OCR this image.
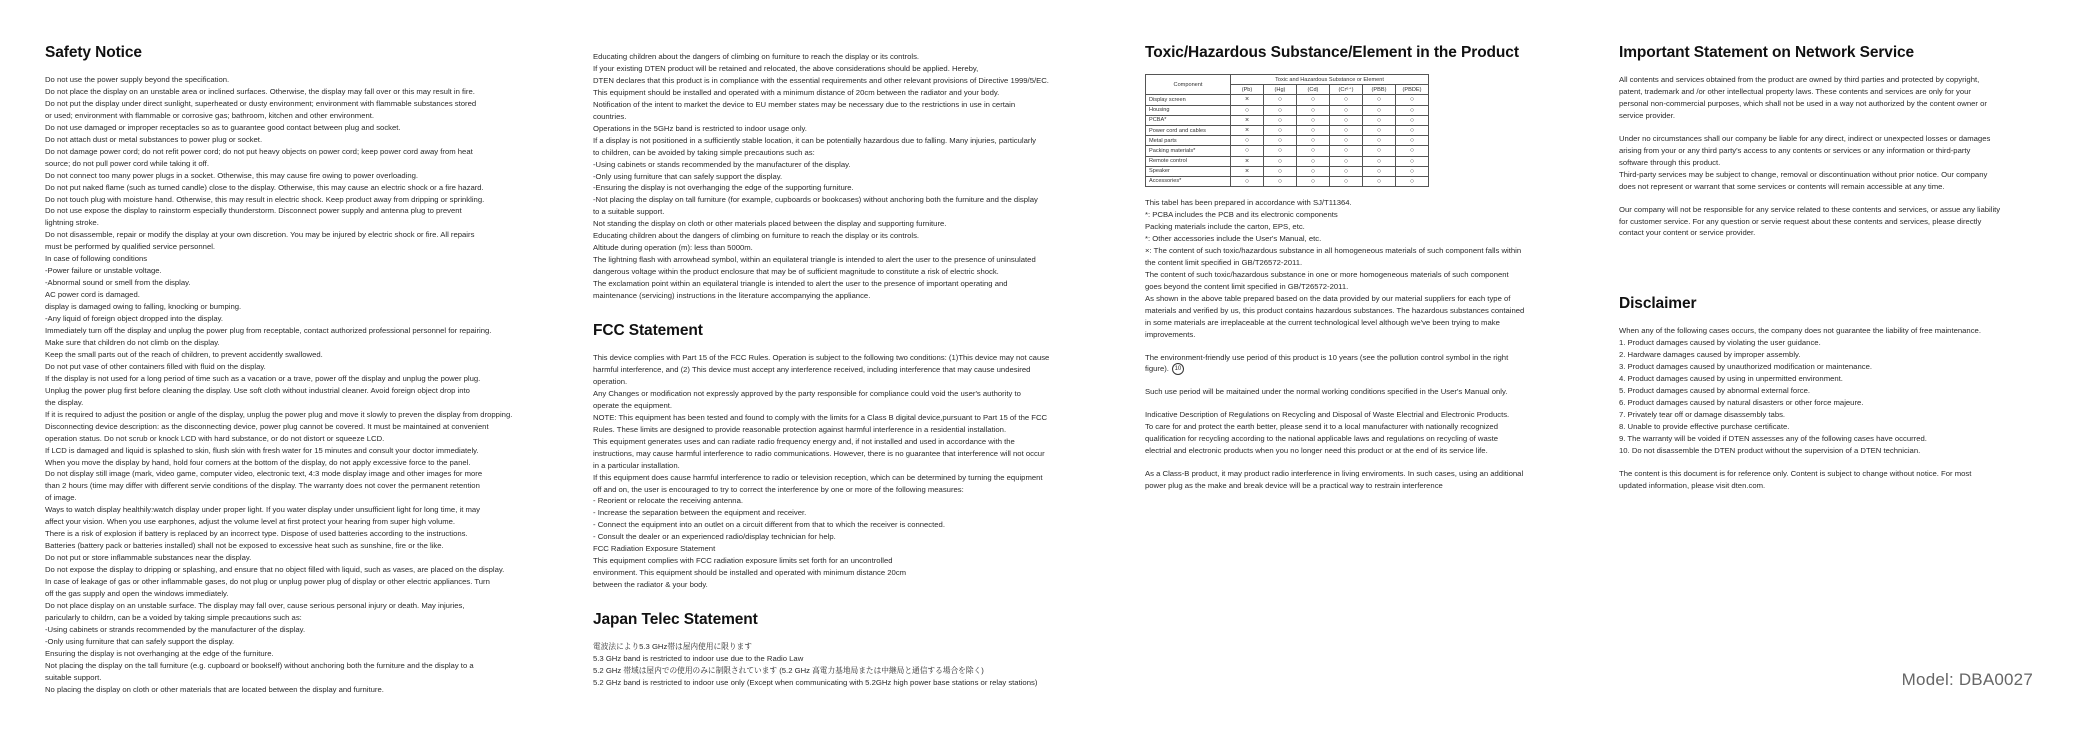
Safety Notice
Do not use the power supply beyond the specification.
Do not place the display on an unstable area or inclined surfaces. Otherwise, the display may fall over or this may result in fire.
Do not put the display under direct sunlight, superheated or dusty environment; environment with flammable substances stored
or used; environment with flammable or corrosive gas; bathroom, kitchen and other environment.
Do not use damaged or improper receptacles so as to guarantee good contact between plug and socket.
Do not attach dust or metal substances to power plug or socket.
Do not damage power cord; do not refit power cord; do not put heavy objects on power cord; keep power cord away from heat
source; do not pull power cord while taking it off.
Do not connect too many power plugs in a socket. Otherwise, this may cause fire owing to power overloading.
Do not put naked flame (such as turned candle) close to the display. Otherwise, this may cause an electric shock or a fire hazard.
Do not touch plug with moisture hand. Otherwise, this may result in electric shock. Keep product away from dripping or sprinkling.
Do not use expose the display to rainstorm especially thunderstorm. Disconnect power supply and antenna plug to prevent
lightning stroke.
Do not disassemble, repair or modify the display at your own discretion. You may be injured by electric shock or fire. All repairs
must be performed by qualified service personnel.
In case of following conditions
-Power failure or unstable voltage.
-Abnormal sound or smell from the display.
AC power cord is damaged.
display is damaged owing to falling, knocking or bumping.
-Any liquid of foreign object dropped into the display.
Immediately turn off the display and unplug the power plug from receptable, contact authorized professional personnel for repairing.
Make sure that children do not climb on the display.
Keep the small parts out of the reach of children, to prevent accidently swallowed.
Do not put vase of other containers filled with fluid on the display.
If the display is not used for a long period of time such as a vacation or a trave, power off the display and unplug the power plug.
Unplug the power plug first before cleaning the display. Use soft cloth without industrial cleaner. Avoid foreign object drop into
the display.
If it is required to adjust the position or angle of the display, unplug the power plug and move it slowly to preven the display from dropping.
Disconnecting device description: as the disconnecting device, power plug cannot be covered. It must be maintained at convenient
operation status. Do not scrub or knock LCD with hard substance, or do not distort or squeeze LCD.
If LCD is damaged and liquid is splashed to skin, flush skin with fresh water for 15 minutes and consult your doctor immediately.
When you move the display by hand, hold four corners at the bottom of the display, do not apply excessive force to the panel.
Do not display still image (mark, video game, computer video, electronic text, 4:3 mode display image and other images for more
than 2 hours (time may differ with different servie conditions of the display. The warranty does not cover the permanent retention
of image.
Ways to watch display healthily:watch display under proper light. If you water display under unsufficient light for long time, it may
affect your vision. When you use earphones, adjust the volume level at first protect your hearing from super high volume.
There is a risk of explosion if battery is replaced by an incorrect type. Dispose of used batteries according to the instructions.
Batteries (battery pack or batteries installed) shall not be exposed to excessive heat such as sunshine, fire or the like.
Do not put or store inflammable substances near the display.
Do not expose the display to dripping or splashing, and ensure that no object filled with liquid, such as vases, are placed on the display.
In case of leakage of gas or other inflammable gases, do not plug or unplug power plug of display or other electric appliances. Turn
off the gas supply and open the windows immediately.
Do not place display on an unstable surface. The display may fall over, cause serious personal injury or death. May injuries,
paricularly to childrn, can be a voided by taking simple precautions such as:
-Using cabinets or strands recommended by the manufacturer of the display.
-Only using furniture that can safely support the display.
Ensuring the display is not overhanging at the edge of the furniture.
Not placing the display on the tall furniture (e.g. cupboard or bookself) without anchoring both the furniture and the display to a
suitable support.
No placing the display on cloth or other materials that are located between the display and furniture.
Educating children about the dangers of climbing on furniture to reach the display or its controls.
If your existing DTEN product will be retained and relocated, the above considerations should be applied. Hereby,
DTEN declares that this product is in compliance with the essential requirements and other relevant provisions of Directive 1999/5/EC.
This equipment should be installed and operated with a minimum distance of 20cm between the radiator and your body.
Notification of the intent to market the device to EU member states may be necessary due to the restrictions in use in certain
countries.
Operations in the 5GHz band is restricted to indoor usage only.
If a display is not positioned in a sufficiently stable location, it can be potentially hazardous due to falling. Many injuries, particularly
to children, can be avoided by taking simple precautions such as:
-Using cabinets or stands recommended by the manufacturer of the display.
-Only using furniture that can safely support the display.
-Ensuring the display is not overhanging the edge of the supporting furniture.
-Not placing the display on tall furniture (for example, cupboards or bookcases) without anchoring both the furniture and the display
to a suitable support.
Not standing the display on cloth or other materials placed between the display and supporting furniture.
Educating children about the dangers of climbing on furniture to reach the display or its controls.
Altitude during operation (m): less than 5000m.
The lightning flash with arrowhead symbol, within an equilateral triangle is intended to alert the user to the presence of uninsulated
dangerous voltage within the product enclosure that may be of sufficient magnitude to constitute a risk of electric shock.
The exclamation point within an equilateral triangle is intended to alert the user to the presence of important operating and
maintenance (servicing) instructions in the literature accompanying the appliance.
FCC Statement
This device complies with Part 15 of the FCC Rules. Operation is subject to the following two conditions: (1)This device may not cause
harmful interference, and (2) This device must accept any interference received, including interference that may cause undesired
operation.
Any Changes or modification not expressly approved by the party responsible for compliance could void the user's authority to
operate the equipment.
NOTE: This equipment has been tested and found to comply with the limits for a Class B digital device,pursuant to Part 15 of the FCC
Rules. These limits are designed to provide reasonable protection against harmful interference in a residential installation.
This equipment generates uses and can radiate radio frequency energy and, if not installed and used in accordance with the
instructions, may cause harmful interference to radio communications. However, there is no guarantee that interference will not occur
in a particular installation.
If this equipment does cause harmful interference to radio or television reception, which can be determined by turning the equipment
off and on, the user is encouraged to try to correct the interference by one or more of the following measures:
- Reorient or relocate the receiving antenna.
- Increase the separation between the equipment and receiver.
- Connect the equipment into an outlet on a circuit different from that to which the receiver is connected.
- Consult the dealer or an experienced radio/display technician for help.
FCC Radiation Exposure Statement
This equipment complies with FCC radiation exposure limits set forth for an uncontrolled
environment. This equipment should be installed and operated with minimum distance 20cm
between the radiator & your body.
Japan Telec Statement
電波法により5.3 GHz帯は屋内使用に限ります
5.3 GHz band is restricted to indoor use due to the Radio Law
5.2 GHz 帯域は屋内での使用のみに制限されています (5.2 GHz 高電力基地局または中継局と通信する場合を除く)
5.2 GHz band is restricted to indoor use only (Except when communicating with 5.2GHz high power base stations or relay stations)
Toxic/Hazardous Substance/Element in the Product
Component	Toxic and Hazardous Substance or Element					
	(Pb)	(Hg)	(Cd)	(Cr⁶⁺)	(PBB)	(PBDE)
Display screen	×	○	○	○	○	○
Housing	○	○	○	○	○	○
PCBA*	×	○	○	○	○	○
Power cord and cables	×	○	○	○	○	○
Metal parts	○	○	○	○	○	○
Packing materials*	○	○	○	○	○	○
Remote control	×	○	○	○	○	○
Speaker	×	○	○	○	○	○
Accessories*	○	○	○	○	○	○
This tabel has been prepared in accordance with SJ/T11364.
*: PCBA includes the PCB and its electronic components
Packing materials include the carton, EPS, etc.
*: Other accessories include the User's Manual, etc.
×: The content of such toxic/hazardous substance in all homogeneous materials of such component falls within
the content limit specified in GB/T26572-2011.
The content of such toxic/hazardous substance in one or more homogeneous materials of such component
goes beyond the content limit specified in GB/T26572-2011.
As shown in the above table prepared based on the data provided by our material suppliers for each type of
materials and verified by us, this product contains hazardous substances. The hazardous substances contained
in some materials are irreplaceable at the current technological level although we've been trying to make
improvements.
The environment-friendly use period of this product is 10 years (see the pollution control symbol in the right
figure). 10
Such use period will be maitained under the normal working conditions specified in the User's Manual only.
Indicative Description of Regulations on Recycling and Disposal of Waste Electrial and Electronic Products.
To care for and protect the earth better, please send it to a local manufacturer with nationally recognized
qualification for recycling according to the national applicable laws and regulations on recycling of waste
electrial and electronic products when you no longer need this product or at the end of its service life.
As a Class-B product, it may product radio interference in living enviroments. In such cases, using an additional
power plug as the make and break device will be a practical way to restrain interference
Important Statement on Network Service
All contents and services obtained from the product are owned by third parties and protected by copyright,
patent, trademark and /or other intellectual property laws. These contents and services are only for your
personal non-commercial purposes, which shall not be used in a way not authorized by the content owner or
service provider.
Under no circumstances shall our company be liable for any direct, indirect or unexpected losses or damages
arising from your or any third party's access to any contents or services or any information or third-party
software through this product.
Third-party services may be subject to change, removal or discontinuation without prior notice. Our company
does not represent or warrant that some services or contents will remain accessible at any time.
Our company will not be responsible for any service related to these contents and services, or assue any liability
for customer service. For any question or servie request about these contents and services, please directly
contact your content or service provider.
Disclaimer
When any of the following cases occurs, the company does not guarantee the liability of free maintenance.
1. Product damages caused by violating the user guidance.
2. Hardware damages caused by improper assembly.
3. Product damages caused by unauthorized modification or maintenance.
4. Product damages caused by using in unpermitted environment.
5. Product damages caused by abnormal external force.
6. Product damages caused by natural disasters or other force majeure.
7. Privately tear off or damage disassembly tabs.
8. Unable to provide effective purchase certificate.
9. The warranty will be voided if DTEN assesses any of the following cases have occurred.
10. Do not disassemble the DTEN product without the supervision of a DTEN technician.
The content is this document is for reference only. Content is subject to change without notice. For most
updated information, please visit dten.com.
Model: DBA0027
